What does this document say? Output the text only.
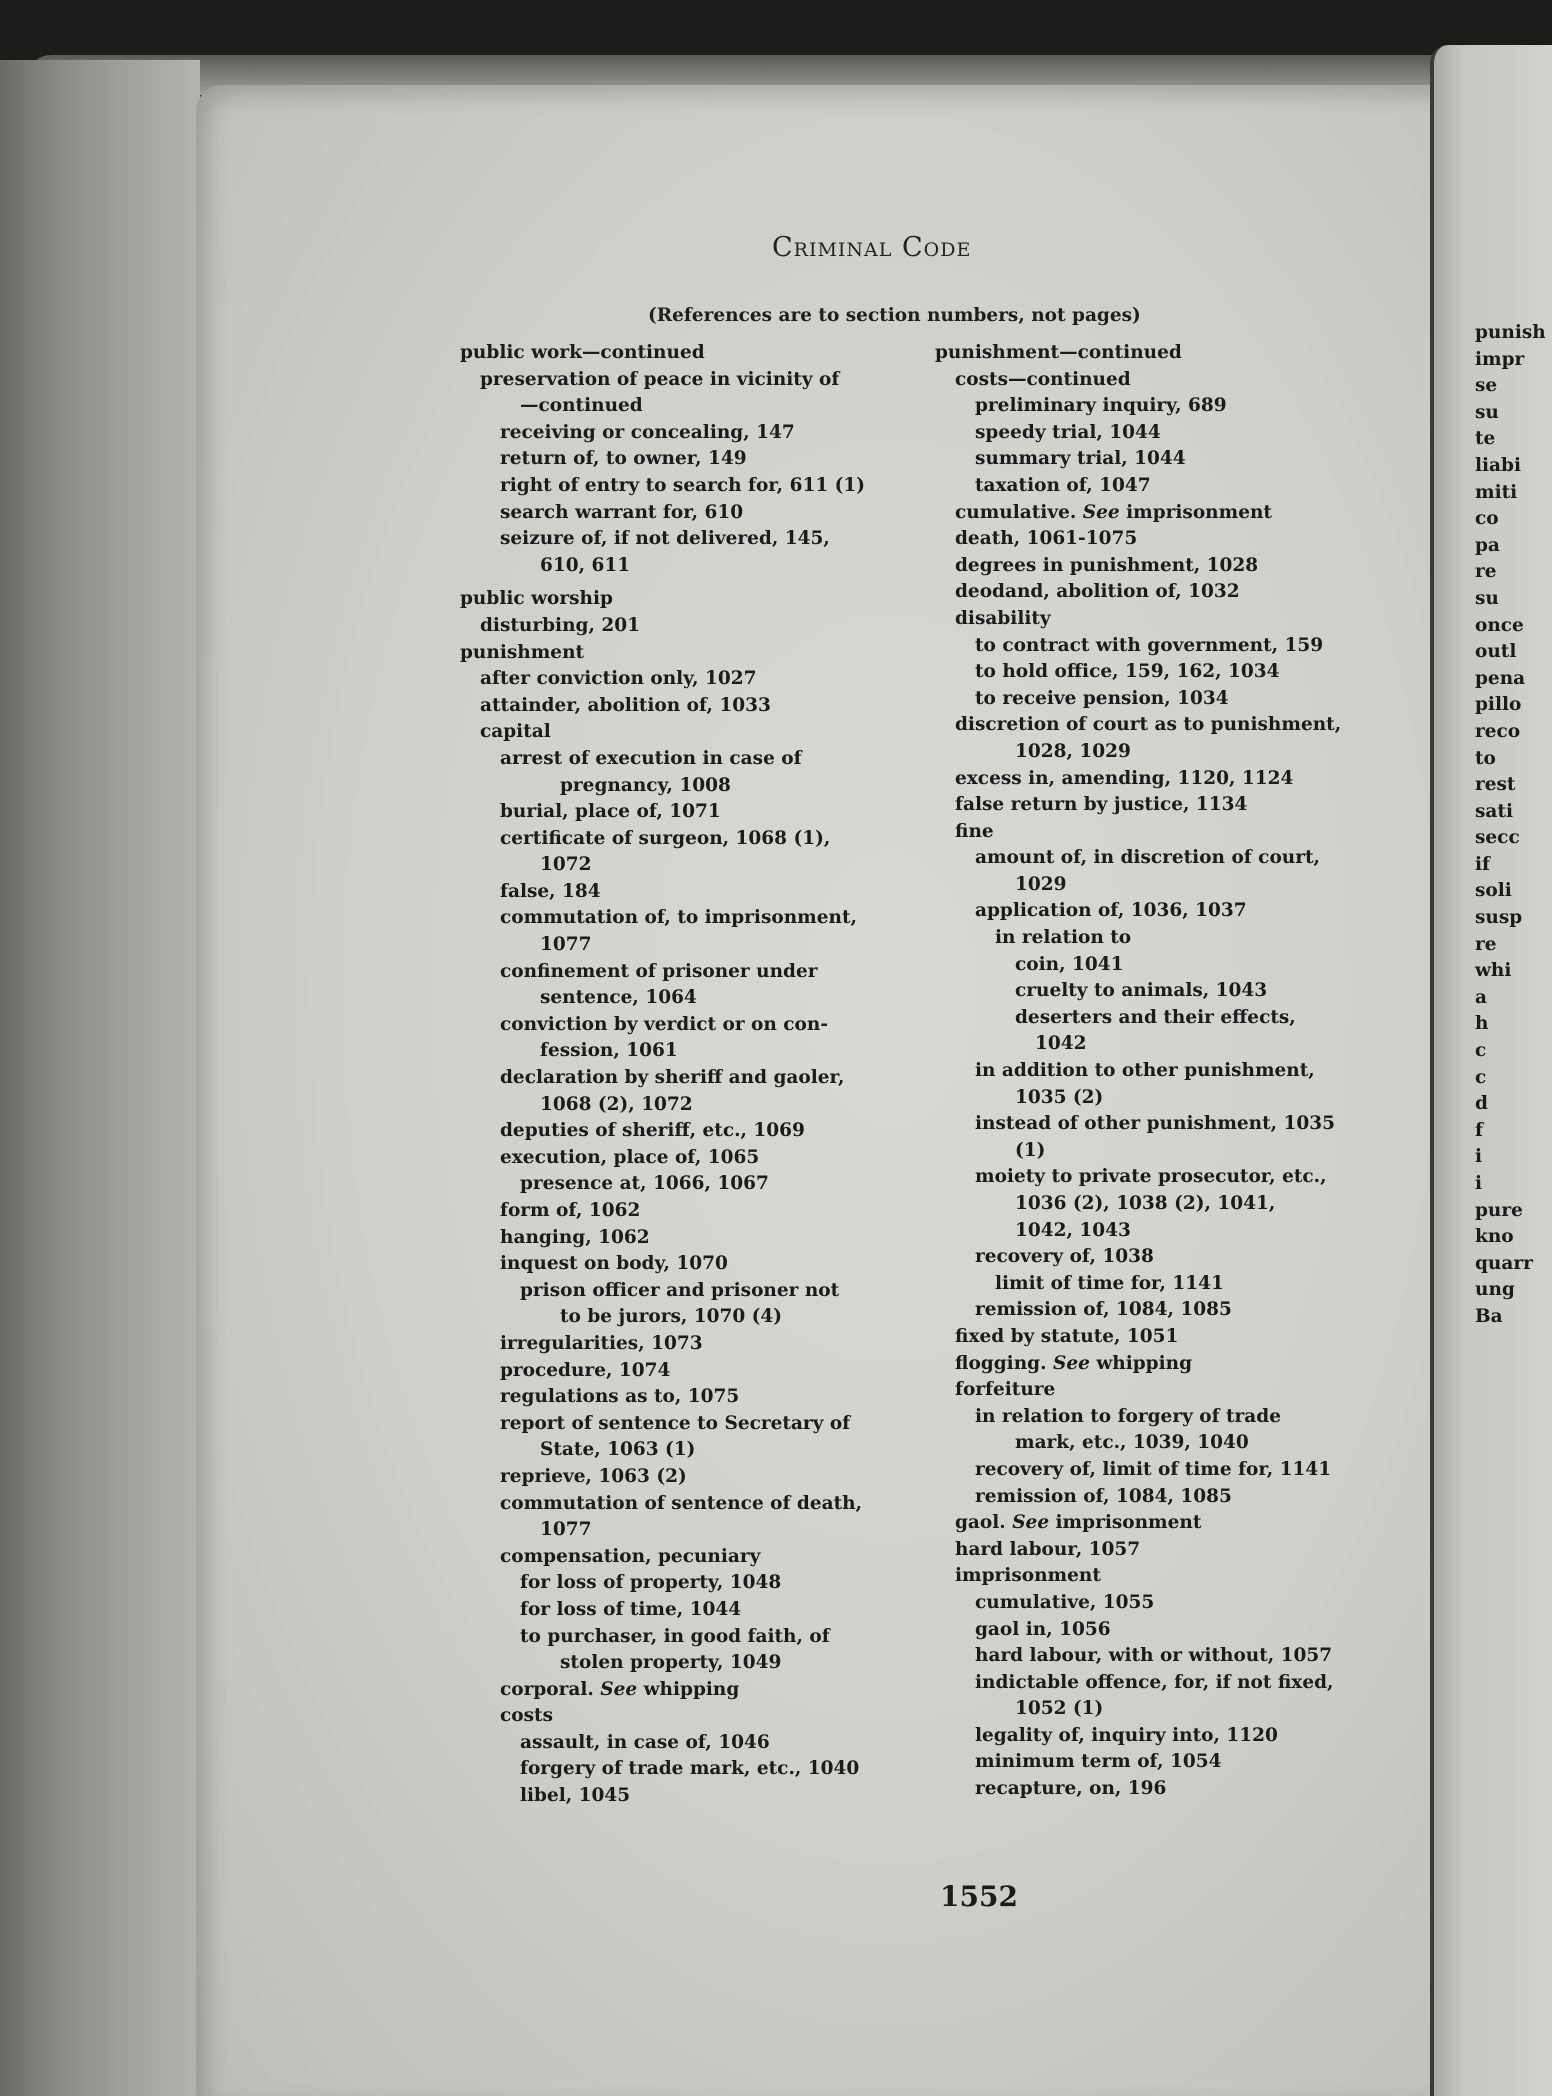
punish
impr
se
su
te
liabi
miti
co
pa
re
su
once
outl
pena
pillo
reco
to
rest
sati
secc
if
soli
susp
re
whi
a
h
c
c
d
f
i
i
pure
kno
quarr
ung
Ba
Criminal Code
(References are to section numbers, not pages)
public work—continued
preservation of peace in vicinity of
—continued
receiving or concealing, 147
return of, to owner, 149
right of entry to search for, 611 (1)
search warrant for, 610
seizure of, if not delivered, 145,
610, 611
public worship
disturbing, 201
punishment
after conviction only, 1027
attainder, abolition of, 1033
capital
arrest of execution in case of
pregnancy, 1008
burial, place of, 1071
certificate of surgeon, 1068 (1),
1072
false, 184
commutation of, to imprisonment,
1077
confinement of prisoner under
sentence, 1064
conviction by verdict or on con-
fession, 1061
declaration by sheriff and gaoler,
1068 (2), 1072
deputies of sheriff, etc., 1069
execution, place of, 1065
presence at, 1066, 1067
form of, 1062
hanging, 1062
inquest on body, 1070
prison officer and prisoner not
to be jurors, 1070 (4)
irregularities, 1073
procedure, 1074
regulations as to, 1075
report of sentence to Secretary of
State, 1063 (1)
reprieve, 1063 (2)
commutation of sentence of death,
1077
compensation, pecuniary
for loss of property, 1048
for loss of time, 1044
to purchaser, in good faith, of
stolen property, 1049
corporal. See whipping
costs
assault, in case of, 1046
forgery of trade mark, etc., 1040
libel, 1045
punishment—continued
costs—continued
preliminary inquiry, 689
speedy trial, 1044
summary trial, 1044
taxation of, 1047
cumulative. See imprisonment
death, 1061-1075
degrees in punishment, 1028
deodand, abolition of, 1032
disability
to contract with government, 159
to hold office, 159, 162, 1034
to receive pension, 1034
discretion of court as to punishment,
1028, 1029
excess in, amending, 1120, 1124
false return by justice, 1134
fine
amount of, in discretion of court,
1029
application of, 1036, 1037
in relation to
coin, 1041
cruelty to animals, 1043
deserters and their effects,
1042
in addition to other punishment,
1035 (2)
instead of other punishment, 1035
(1)
moiety to private prosecutor, etc.,
1036 (2), 1038 (2), 1041,
1042, 1043
recovery of, 1038
limit of time for, 1141
remission of, 1084, 1085
fixed by statute, 1051
flogging. See whipping
forfeiture
in relation to forgery of trade
mark, etc., 1039, 1040
recovery of, limit of time for, 1141
remission of, 1084, 1085
gaol. See imprisonment
hard labour, 1057
imprisonment
cumulative, 1055
gaol in, 1056
hard labour, with or without, 1057
indictable offence, for, if not fixed,
1052 (1)
legality of, inquiry into, 1120
minimum term of, 1054
recapture, on, 196
1552
